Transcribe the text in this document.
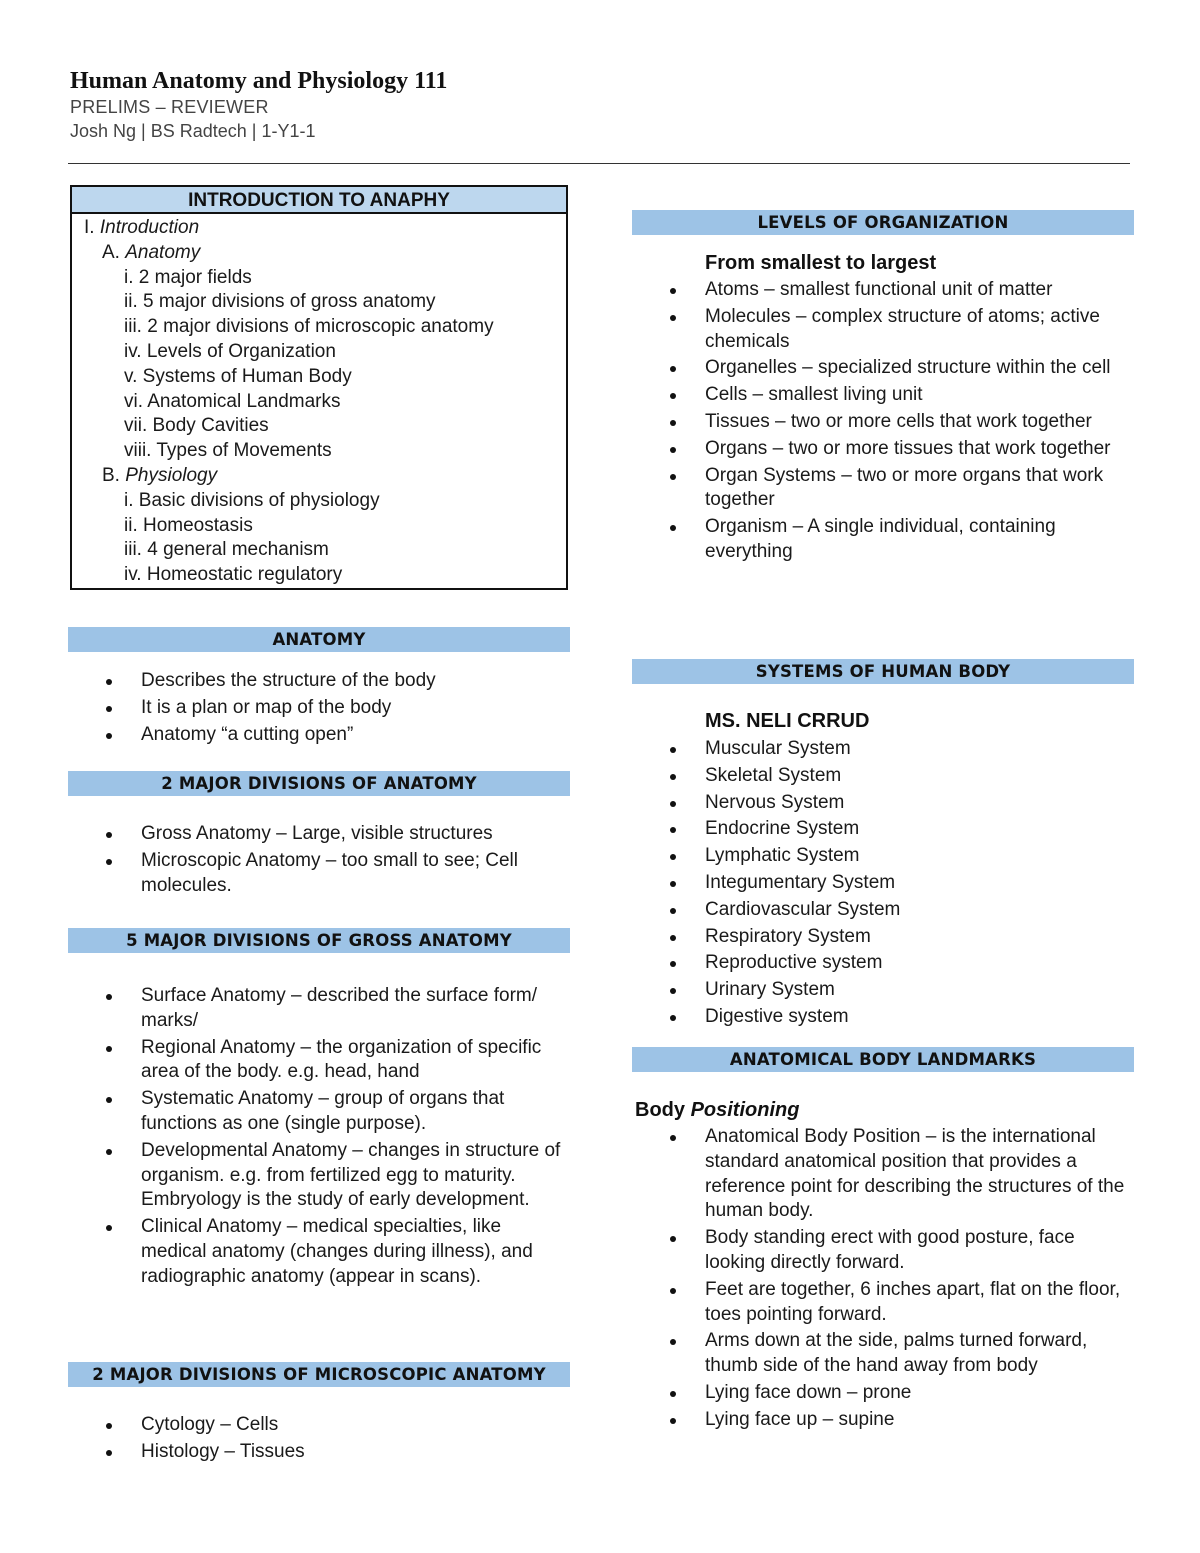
Human Anatomy and Physiology 111
PRELIMS – REVIEWER
Josh Ng | BS Radtech | 1-Y1-1
INTRODUCTION TO ANAPHY
I. Introduction
A. Anatomy
i. 2 major fields
ii. 5 major divisions of gross anatomy
iii. 2 major divisions of microscopic anatomy
iv. Levels of Organization
v. Systems of Human Body
vi. Anatomical Landmarks
vii. Body Cavities
viii. Types of Movements
B. Physiology
i. Basic divisions of physiology
ii. Homeostasis
iii. 4 general mechanism
iv. Homeostatic regulatory
ANATOMY
Describes the structure of the body
It is a plan or map of the body
Anatomy “a cutting open”
2 MAJOR DIVISIONS OF ANATOMY
Gross Anatomy – Large, visible structures
Microscopic Anatomy – too small to see; Cell molecules.
5 MAJOR DIVISIONS OF GROSS ANATOMY
Surface Anatomy – described the surface form/ marks/
Regional Anatomy – the organization of specific area of the body. e.g. head, hand
Systematic Anatomy – group of organs that functions as one (single purpose).
Developmental Anatomy – changes in structure of organism. e.g. from fertilized egg to maturity. Embryology is the study of early development.
Clinical Anatomy – medical specialties, like medical anatomy (changes during illness), and radiographic anatomy (appear in scans).
2 MAJOR DIVISIONS OF MICROSCOPIC ANATOMY
Cytology – Cells
Histology – Tissues
LEVELS OF ORGANIZATION
From smallest to largest
Atoms – smallest functional unit of matter
Molecules – complex structure of atoms; active chemicals
Organelles – specialized structure within the cell
Cells – smallest living unit
Tissues – two or more cells that work together
Organs – two or more tissues that work together
Organ Systems – two or more organs that work together
Organism – A single individual, containing everything
SYSTEMS OF HUMAN BODY
MS. NELI CRRUD
Muscular System
Skeletal System
Nervous System
Endocrine System
Lymphatic System
Integumentary System
Cardiovascular System
Respiratory System
Reproductive system
Urinary System
Digestive system
ANATOMICAL BODY LANDMARKS
Body Positioning
Anatomical Body Position – is the international standard anatomical position that provides a reference point for describing the structures of the human body.
Body standing erect with good posture, face looking directly forward.
Feet are together, 6 inches apart, flat on the floor, toes pointing forward.
Arms down at the side, palms turned forward, thumb side of the hand away from body
Lying face down – prone
Lying face up – supine
